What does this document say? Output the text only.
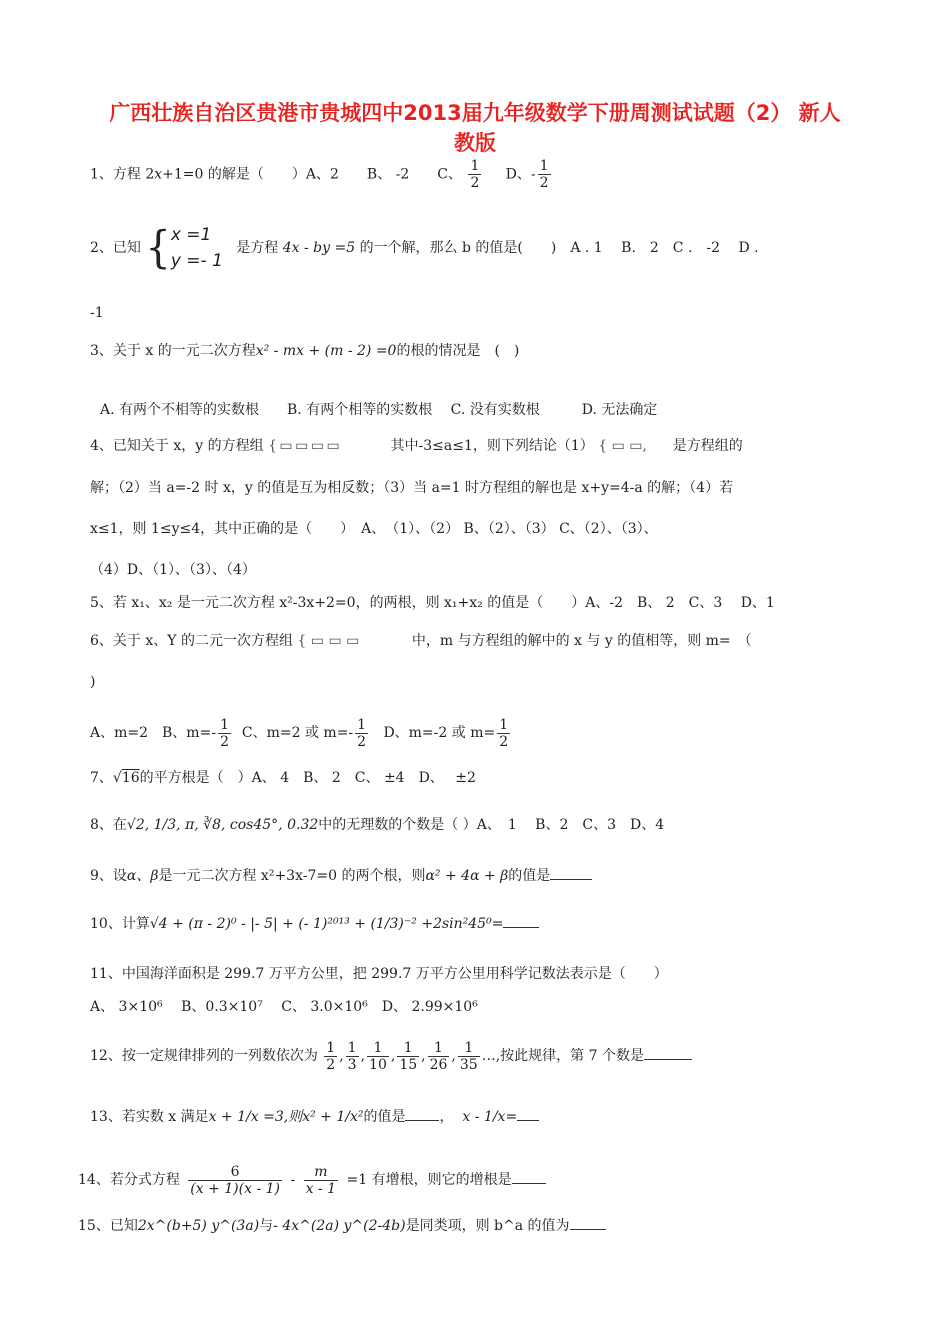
广西壮族自治区贵港市贵城四中2013届九年级数学下册周测试试题（2） 新人
教版
1、方程 2x+1=0 的解是（　　）A、2　　B、 -2　　C、 $\frac{1}{2}$ D、- $\frac{1}{2}$
2、已知 { x =1
y =- 1
是方程 4x - by =5 的一个解，那么 b 的值是(　　)　A . 1　 B.　2　C .　-2　 D .
-1
3、关于 x 的一元二次方程x² - mx + (m - 2) =0的根的情况是　(　)
A. 有两个不相等的实数根　　B. 有两个相等的实数根　 C. 没有实数根　　　D. 无法确定
4、已知关于 x，y 的方程组 { ▭ ▭ ▭ ▭	其中-3≤a≤1，则下列结论（1） { ▭ ▭, 是方程组的
解；（2）当 a=-2 时 x，y 的值是互为相反数；（3）当 a=1 时方程组的解也是 x+y=4-a 的解；（4）若
x≤1，则 1≤y≤4，其中正确的是（　　）　A、　（1）、（2） B、（2）、（3） C、（2）、（3）、
（4）D、（1）、（3）、（4）
5、若 x₁、x₂ 是一元二次方程 x²-3x+2=0，的两根，则 x₁+x₂ 的值是（　　）A、-2　B、 2　C、3　 D、1
6、关于 x、Y 的二元一次方程组 { ▭ ▭ ▭	中，m 与方程组的解中的 x 与 y 的值相等，则 m=　（
)
A、m=2　B、$m=- \frac{1}{2}$ C、m=2 或 $m=- \frac{1}{2}$ D、m=-2 或 $m= \frac{1}{2}$
7、√16的平方根是（　）A、 4　B、 2　C、 ±4　D、　 ±2
8、在√2, 1/3, π, ∛8, cos45°, 0.32中的无理数的个数是（ ）A、　1　 B、2　C、3　D、4
9、设α、β是一元二次方程 x²+3x-7=0 的两个根，则α² + 4α + β的值是
10、计算√4 + (π - 2)⁰ - |- 5| + (- 1)²⁰¹³ + (1/3)⁻² +2sin²45⁰=
11、中国海洋面积是 299.7 万平方公里，把 299.7 万平方公里用科学记数法表示是（　　）
A、 3×10⁶　 B、0.3×10⁷　 C、 3.0×10⁶　D、 2.99×10⁶
12、按一定规律排列的一列数依次为 $\frac{1}{2}$ , $\frac{1}{3}$ , $\frac{1}{10}$ , $\frac{1}{15}$ , $\frac{1}{26}$ , $\frac{1}{35}$ …,按此规律，第 7 个数是
13、若实数 x 满足x + 1/x =3,则x² + 1/x²的值是 ， x - 1/x=
14、若分式方程 $\frac{6}{(x + 1)(x - 1)} - \frac{m}{x - 1} =1$ 有增根，则它的增根是
15、已知2x^(b+5) y^(3a)与- 4x^(2a) y^(2-4b)是同类项，则 b^a 的值为
